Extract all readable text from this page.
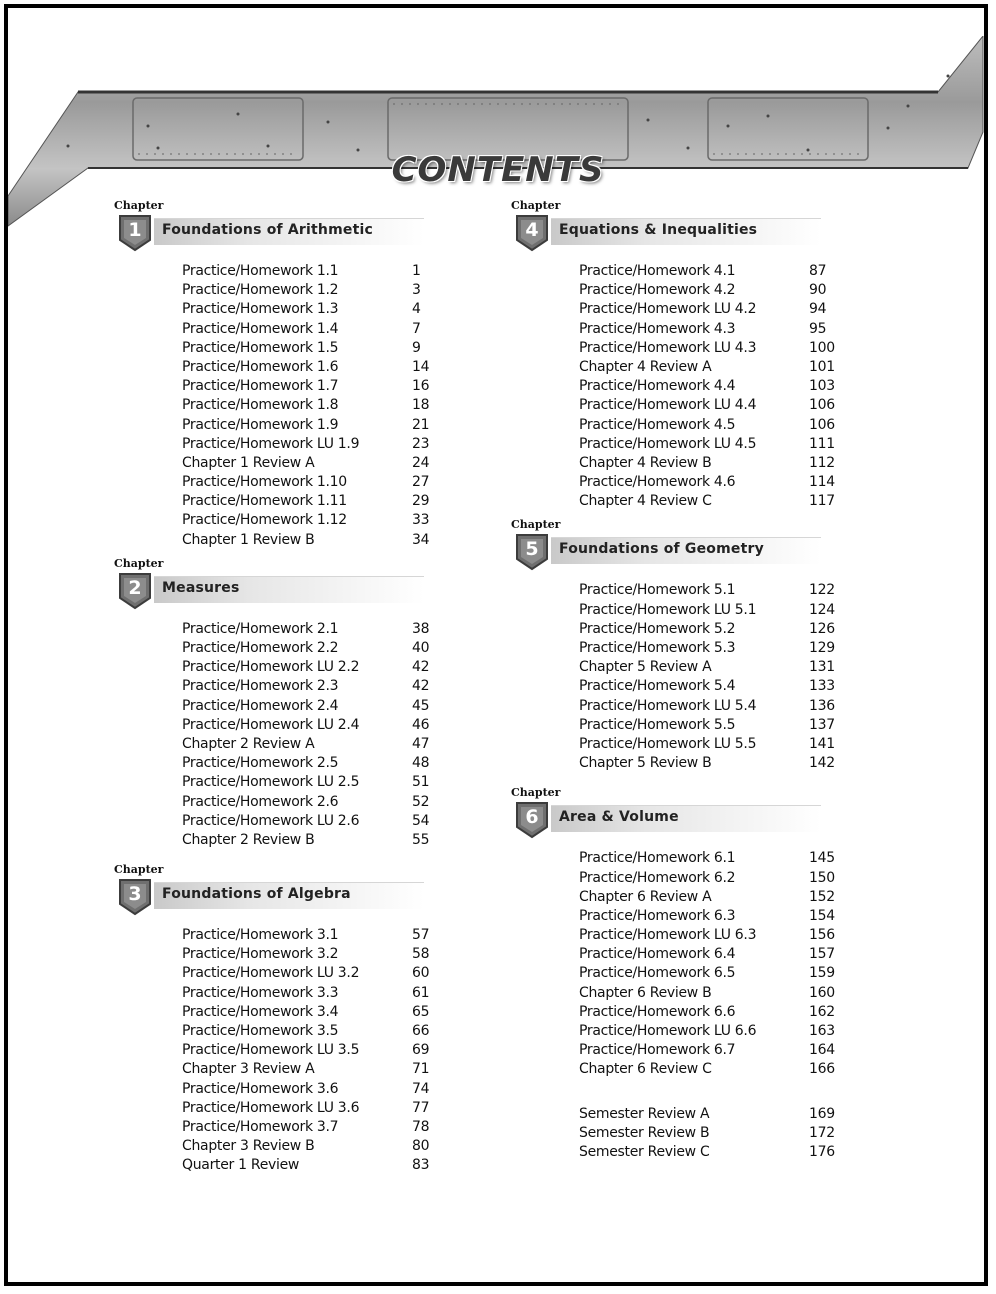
CONTENTS
Chapter
1	Foundations of Arithmetic
Practice/Homework 1.1	1
Practice/Homework 1.2	3
Practice/Homework 1.3	4
Practice/Homework 1.4	7
Practice/Homework 1.5	9
Practice/Homework 1.6	14
Practice/Homework 1.7	16
Practice/Homework 1.8	18
Practice/Homework 1.9	21
Practice/Homework LU 1.9	23
Chapter 1 Review A	24
Practice/Homework 1.10	27
Practice/Homework 1.11	29
Practice/Homework 1.12	33
Chapter 1 Review B	34
Chapter
2	Measures
Practice/Homework 2.1	38
Practice/Homework 2.2	40
Practice/Homework LU 2.2	42
Practice/Homework 2.3	42
Practice/Homework 2.4	45
Practice/Homework LU 2.4	46
Chapter 2 Review A	47
Practice/Homework 2.5	48
Practice/Homework LU 2.5	51
Practice/Homework 2.6	52
Practice/Homework LU 2.6	54
Chapter 2 Review B	55
Chapter
3	Foundations of Algebra
Practice/Homework 3.1	57
Practice/Homework 3.2	58
Practice/Homework LU 3.2	60
Practice/Homework 3.3	61
Practice/Homework 3.4	65
Practice/Homework 3.5	66
Practice/Homework LU 3.5	69
Chapter 3 Review A	71
Practice/Homework 3.6	74
Practice/Homework LU 3.6	77
Practice/Homework 3.7	78
Chapter 3 Review B	80
Quarter 1 Review	83
Chapter
4	Equations & Inequalities
Practice/Homework 4.1	87
Practice/Homework 4.2	90
Practice/Homework LU 4.2	94
Practice/Homework 4.3	95
Practice/Homework LU 4.3	100
Chapter 4 Review A	101
Practice/Homework 4.4	103
Practice/Homework LU 4.4	106
Practice/Homework 4.5	106
Practice/Homework LU 4.5	111
Chapter 4 Review B	112
Practice/Homework 4.6	114
Chapter 4 Review C	117
Chapter
5	Foundations of Geometry
Practice/Homework 5.1	122
Practice/Homework LU 5.1	124
Practice/Homework 5.2	126
Practice/Homework 5.3	129
Chapter 5 Review A	131
Practice/Homework 5.4	133
Practice/Homework LU 5.4	136
Practice/Homework 5.5	137
Practice/Homework LU 5.5	141
Chapter 5 Review B	142
Chapter
6	Area & Volume
Practice/Homework 6.1	145
Practice/Homework 6.2	150
Chapter 6 Review A	152
Practice/Homework 6.3	154
Practice/Homework LU 6.3	156
Practice/Homework 6.4	157
Practice/Homework 6.5	159
Chapter 6 Review B	160
Practice/Homework 6.6	162
Practice/Homework LU 6.6	163
Practice/Homework 6.7	164
Chapter 6 Review C	166
Semester Review A	169
Semester Review B	172
Semester Review C	176
